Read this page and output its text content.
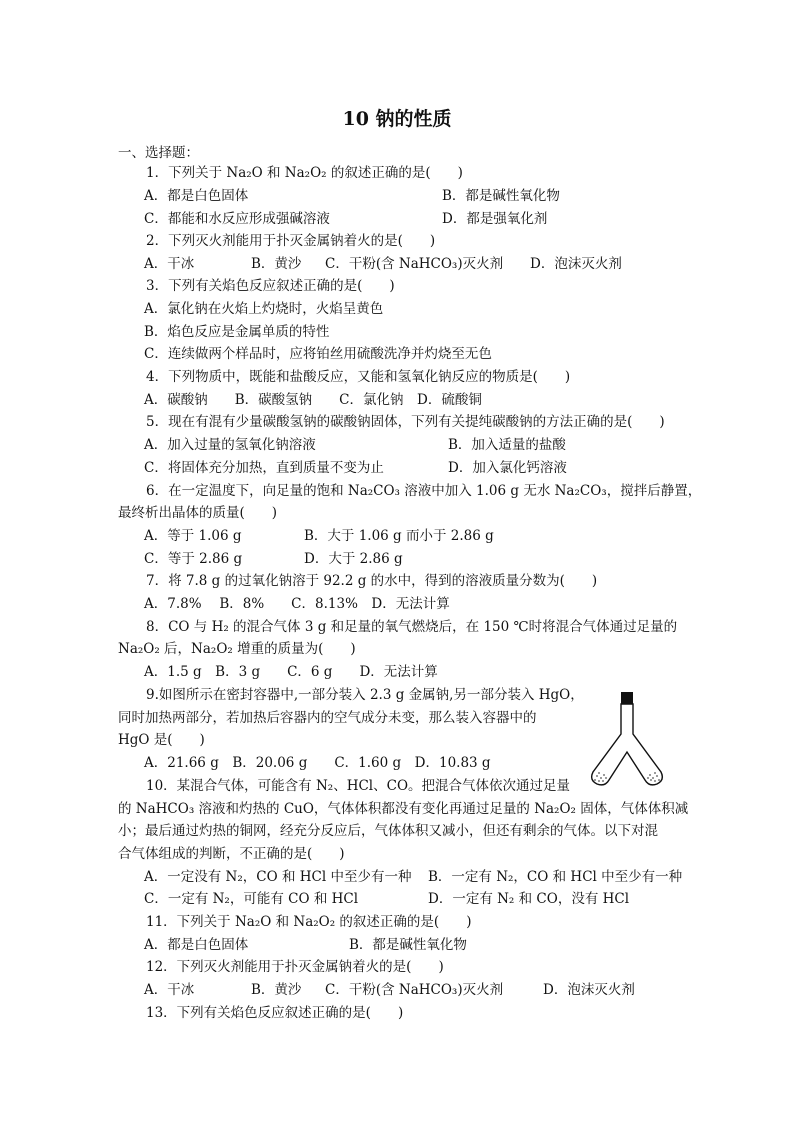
10 钠的性质
一、选择题：
1．下列关于 Na₂O 和 Na₂O₂ 的叙述正确的是(　　)
A．都是白色固体	B．都是碱性氧化物
C．都能和水反应形成强碱溶液	D．都是强氧化剂
2．下列灭火剂能用于扑灭金属钠着火的是(　　)
A．干冰	B．黄沙 C．干粉(含 NaHCO₃)灭火剂 D．泡沫灭火剂
3．下列有关焰色反应叙述正确的是(　　)
A．氯化钠在火焰上灼烧时，火焰呈黄色
B．焰色反应是金属单质的特性
C．连续做两个样品时，应将铂丝用硫酸洗净并灼烧至无色
4．下列物质中，既能和盐酸反应，又能和氢氧化钠反应的物质是(　　)
A．碳酸钠　　B．碳酸氢钠　　C．氯化钠　D．硫酸铜
5．现在有混有少量碳酸氢钠的碳酸钠固体，下列有关提纯碳酸钠的方法正确的是(　　)
A．加入过量的氢氧化钠溶液	B．加入适量的盐酸
C．将固体充分加热，直到质量不变为止	D．加入氯化钙溶液
6．在一定温度下，向足量的饱和 Na₂CO₃ 溶液中加入 1.06 g 无水 Na₂CO₃，搅拌后静置，
最终析出晶体的质量(　　)
A．等于 1.06 g	B．大于 1.06 g 而小于 2.86 g
C．等于 2.86 g	D．大于 2.86 g
7．将 7.8 g 的过氧化钠溶于 92.2 g 的水中，得到的溶液质量分数为(　　)
A．7.8%　 B．8%　　C．8.13%　D．无法计算
8．CO 与 H₂ 的混合气体 3 g 和足量的氧气燃烧后，在 150 ℃时将混合气体通过足量的
Na₂O₂ 后，Na₂O₂ 增重的质量为(　　)
A．1.5 g　B．3 g　　C．6 g　　D．无法计算
9.如图所示在密封容器中,一部分装入 2.3 g 金属钠,另一部分装入 HgO，
同时加热两部分，若加热后容器内的空气成分未变，那么装入容器中的
HgO 是(　　)
A．21.66 g　B．20.06 g　　C．1.60 g　D．10.83 g
10．某混合气体，可能含有 N₂、HCl、CO。把混合气体依次通过足量
的 NaHCO₃ 溶液和灼热的 CuO，气体体积都没有变化再通过足量的 Na₂O₂ 固体，气体体积减
小；最后通过灼热的铜网，经充分反应后，气体体积又减小，但还有剩余的气体。以下对混
合气体组成的判断，不正确的是(　　)
A．一定没有 N₂，CO 和 HCl 中至少有一种 B．一定有 N₂，CO 和 HCl 中至少有一种
C．一定有 N₂，可能有 CO 和 HCl	D．一定有 N₂ 和 CO，没有 HCl
11．下列关于 Na₂O 和 Na₂O₂ 的叙述正确的是(　　)
A．都是白色固体	B．都是碱性氧化物
12．下列灭火剂能用于扑灭金属钠着火的是(　　)
A．干冰	B．黄沙 C．干粉(含 NaHCO₃)灭火剂	D．泡沫灭火剂
13．下列有关焰色反应叙述正确的是(　　)
